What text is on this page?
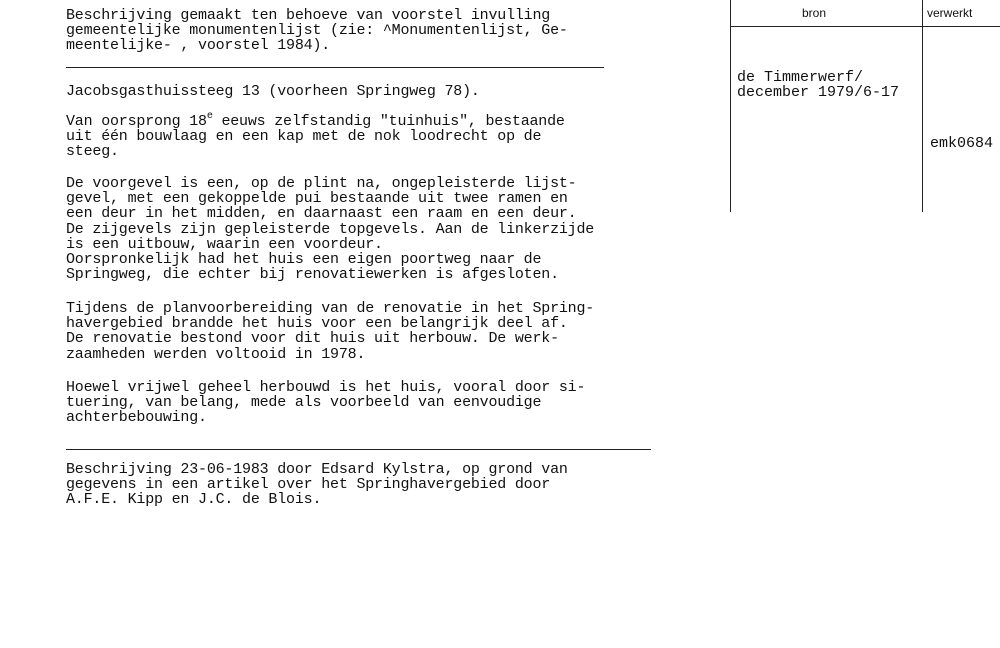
Beschrijving gemaakt ten behoeve van voorstel invulling
gemeentelijke monumentenlijst (zie: ^Monumentenlijst, Ge-
meentelijke- , voorstel 1984).
Jacobsgasthuissteeg 13 (voorheen Springweg 78).
Van oorsprong 18e eeuws zelfstandig "tuinhuis", bestaande
uit één bouwlaag en een kap met de nok loodrecht op de
steeg.
De voorgevel is een, op de plint na, ongepleisterde lijst-
gevel, met een gekoppelde pui bestaande uit twee ramen en
een deur in het midden, en daarnaast een raam en een deur.
De zijgevels zijn gepleisterde topgevels. Aan de linkerzijde
is een uitbouw, waarin een voordeur.
Oorspronkelijk had het huis een eigen poortweg naar de
Springweg, die echter bij renovatiewerken is afgesloten.
Tijdens de planvoorbereiding van de renovatie in het Spring-
havergebied brandde het huis voor een belangrijk deel af.
De renovatie bestond voor dit huis uit herbouw. De werk-
zaamheden werden voltooid in 1978.
Hoewel vrijwel geheel herbouwd is het huis, vooral door si-
tuering, van belang, mede als voorbeeld van eenvoudige
achterbebouwing.
Beschrijving 23-06-1983 door Edsard Kylstra, op grond van
gegevens in een artikel over het Springhavergebied door
A.F.E. Kipp en J.C. de Blois.
bron	verwerkt
de Timmerwerf/
december 1979/6-17
emk0684
